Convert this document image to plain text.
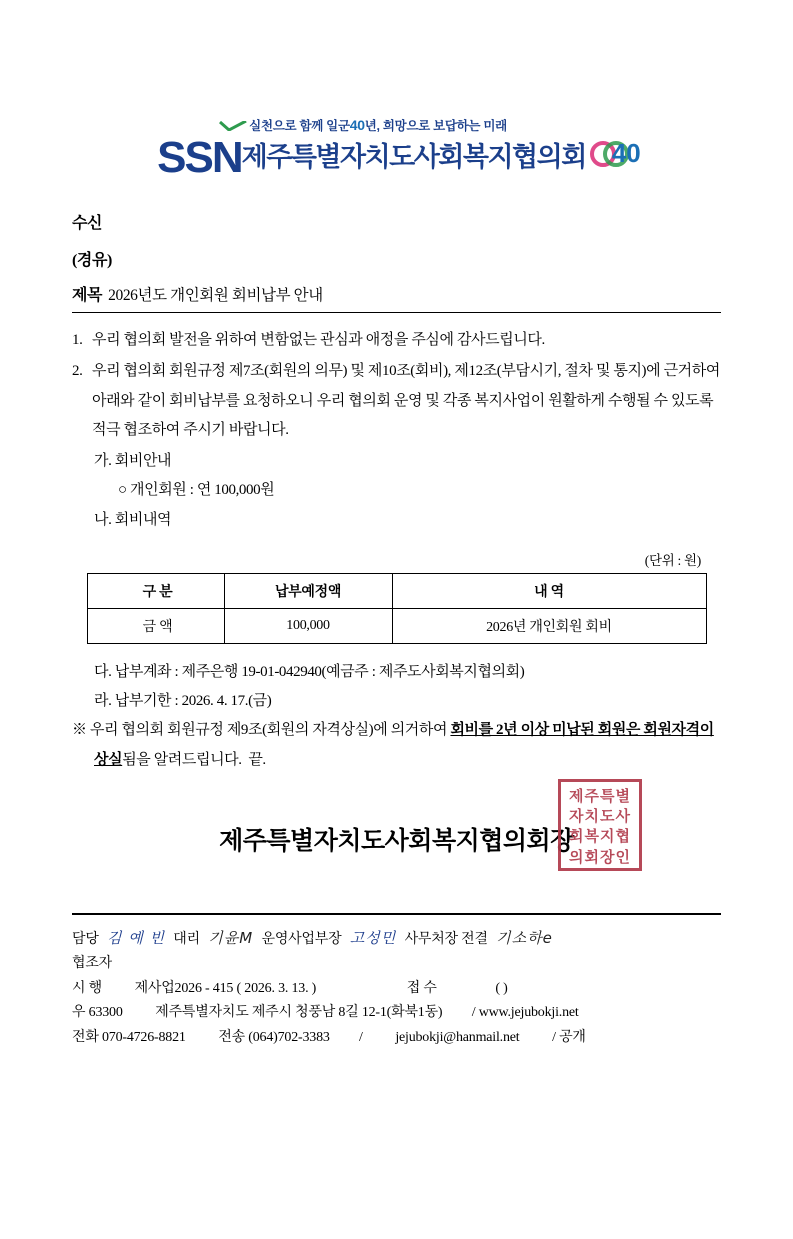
실천으로 함께 일군40년, 희망으로 보답하는 미래
SSN제주특별자치도사회복지협의회 40
수신
(경유)
제목 2026년도 개인회원 회비납부 안내
1. 우리 협의회 발전을 위하여 변함없는 관심과 애정을 주심에 감사드립니다.
2. 우리 협의회 회원규정 제7조(회원의 의무) 및 제10조(회비), 제12조(부담시기, 절차 및 통지)에 근거하여 아래와 같이 회비납부를 요청하오니 우리 협의회 운영 및 각종 복지사업이 원활하게 수행될 수 있도록 적극 협조하여 주시기 바랍니다.
가. 회비안내
○ 개인회원 : 연 100,000원
나. 회비내역
(단위 : 원)
구 분	납부예정액	내 역
금 액	100,000	2026년 개인회원 회비
다. 납부계좌 : 제주은행 19-01-042940(예금주 : 제주도사회복지협의회)
라. 납부기한 : 2026. 4. 17.(금)
※ 우리 협의회 회원규정 제9조(회원의 자격상실)에 의거하여 회비를 2년 이상 미납된 회원은 회원자격이 상실됨을 알려드립니다. 끝.
제주특별자치도사회복지협의회장
제주특별
자치도사
회복지협
의회장인
담당 김 예 빈 대리 기윤M 운영사업부장 고성민 사무처장 전결 기소하e
협조자
시 행 제사업2026 - 415 ( 2026. 3. 13. )	접 수	( )
우 63300 제주특별자치도 제주시 청풍남 8길 12-1(화북1동) / www.jejubokji.net
전화 070-4726-8821 전송 (064)702-3383 /  jejubokji@hanmail.net / 공개
